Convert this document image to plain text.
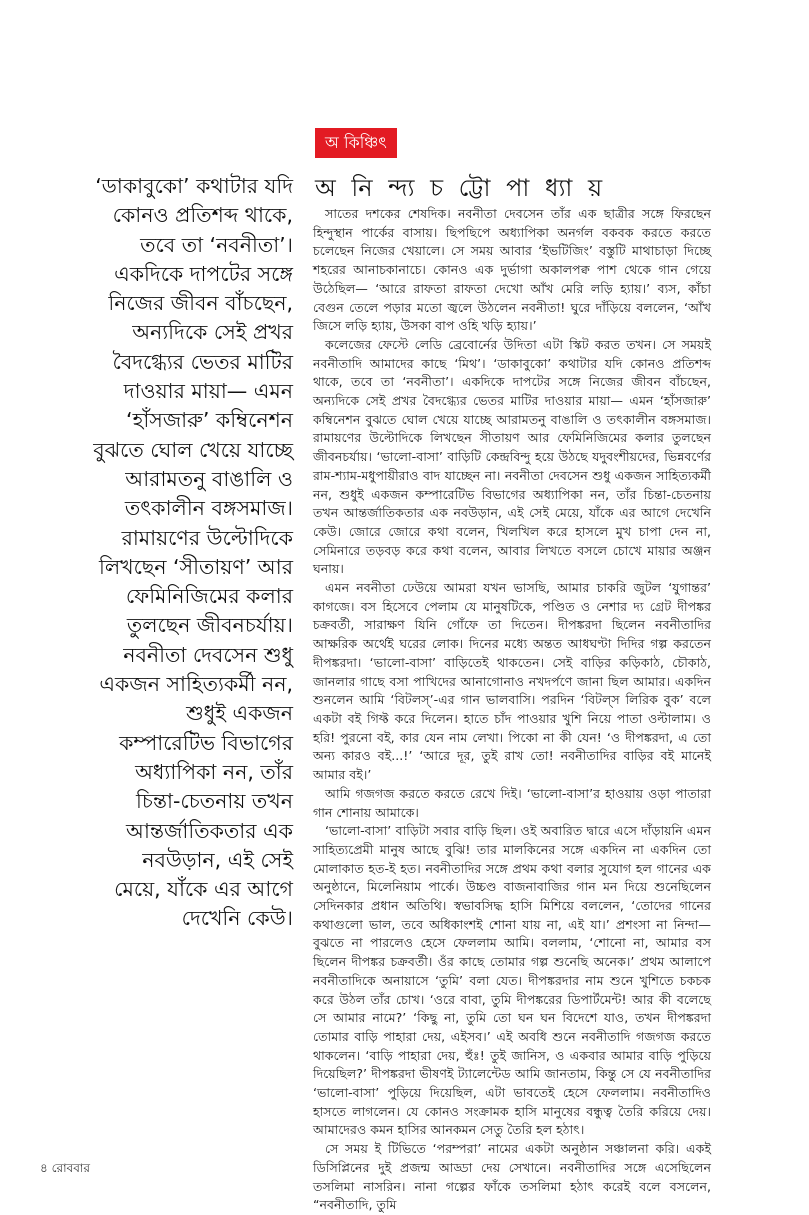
অ কিঞ্চিৎ
অ নি ন্দ্য চ ট্টো পা ধ্যা য়
‘ডাকাবুকো’ কথাটার যদি
কোনও প্রতিশব্দ থাকে,
তবে তা ‘নবনীতা’।
একদিকে দাপটের সঙ্গে
নিজের জীবন বাঁচছেন,
অন্যদিকে সেই প্রখর
বৈদগ্ধ্যের ভেতর মাটির
দাওয়ার মায়া— এমন
‘হাঁসজারু’ কম্বিনেশন
বুঝতে ঘোল খেয়ে যাচ্ছে
আরামতনু বাঙালি ও
তৎকালীন বঙ্গসমাজ।
রামায়ণের উল্টোদিকে
লিখছেন ‘সীতায়ণ’ আর
ফেমিনিজিমের কলার
তুলছেন জীবনচর্যায়।
নবনীতা দেবসেন শুধু
একজন সাহিত্যকর্মী নন,
শুধুই একজন
কম্পারেটিভ বিভাগের
অধ্যাপিকা নন, তাঁর
চিন্তা-চেতনায় তখন
আন্তর্জাতিকতার এক
নবউড়ান, এই সেই
মেয়ে, যাঁকে এর আগে
দেখেনি কেউ।

সাতের দশকের শেষদিক। নবনীতা দেবসেন তাঁর এক ছাত্রীর সঙ্গে ফিরছেন হিন্দুস্থান পার্কের বাসায়। ছিপছিপে অধ্যাপিকা অনর্গল বকবক করতে করতে চলেছেন নিজের খেয়ালে। সে সময় আবার ‘ইভটিজিং’ বস্তুটি মাথাচাড়া দিচ্ছে শহরের আনাচকানাচে। কোনও এক দুর্ভাগা অকালপক্ব পাশ থেকে গান গেয়ে উঠেছিল— ‘আরে রাফতা রাফতা দেখো আঁখ মেরি লড়ি হ্যায়।’ ব্যস, কাঁচা বেগুন তেলে পড়ার মতো জ্বলে উঠলেন নবনীতা! ঘুরে দাঁড়িয়ে বললেন, ‘আঁখ জিসে লড়ি হ্যায়, উসকা বাপ ওহি খড়ি হ্যায়।’

কলেজের ফেস্টে লেডি ব্রেবোর্নের উদিতা এটা স্কিট করত তখন। সে সময়ই নবনীতাদি আমাদের কাছে ‘মিথ’। ‘ডাকাবুকো’ কথাটার যদি কোনও প্রতিশব্দ থাকে, তবে তা ‘নবনীতা’। একদিকে দাপটের সঙ্গে নিজের জীবন বাঁচছেন, অন্যদিকে সেই প্রখর বৈদগ্ধ্যের ভেতর মাটির দাওয়ার মায়া— এমন ‘হাঁসজারু’ কম্বিনেশন বুঝতে ঘোল খেয়ে যাচ্ছে আরামতনু বাঙালি ও তৎকালীন বঙ্গসমাজ। রামায়ণের উল্টোদিকে লিখছেন সীতায়ণ আর ফেমিনিজিমের কলার তুলছেন জীবনচর্যায়। ‘ভালো-বাসা’ বাড়িটি কেন্দ্রবিন্দু হয়ে উঠছে যদুবংশীয়দের, ভিন্নবর্ণের রাম-শ্যাম-মধুপায়ীরাও বাদ যাচ্ছেন না। নবনীতা দেবসেন শুধু একজন সাহিত্যকর্মী নন, শুধুই একজন কম্পারেটিভ বিভাগের অধ্যাপিকা নন, তাঁর চিন্তা-চেতনায় তখন আন্তর্জাতিকতার এক নবউড়ান, এই সেই মেয়ে, যাঁকে এর আগে দেখেনি কেউ। জোরে জোরে কথা বলেন, খিলখিল করে হাসলে মুখ চাপা দেন না, সেমিনারে তড়বড় করে কথা বলেন, আবার লিখতে বসলে চোখে মায়ার অঞ্জন ঘনায়।

এমন নবনীতা ঢেউয়ে আমরা যখন ভাসছি, আমার চাকরি জুটল ‘যুগান্তর’ কাগজে। বস হিসেবে পেলাম যে মানুষটিকে, পণ্ডিত ও নেশার দ্য গ্রেট দীপঙ্কর চক্রবর্তী, সারাক্ষণ যিনি গোঁফে তা দিতেন। দীপঙ্করদা ছিলেন নবনীতাদির আক্ষরিক অর্থেই ঘরের লোক। দিনের মধ্যে অন্তত আধঘণ্টা দিদির গল্প করতেন দীপঙ্করদা। ‘ভালো-বাসা’ বাড়িতেই থাকতেন। সেই বাড়ির কড়িকাঠ, চৌকাঠ, জানলার গাছে বসা পাখিদের আনাগোনাও নখদর্পণে জানা ছিল আমার। একদিন শুনলেন আমি ‘বিটলস্’-এর গান ভালবাসি। পরদিন ‘বিটল্স লিরিক বুক’ বলে একটা বই গিফ্ট করে দিলেন। হাতে চাঁদ পাওয়ার খুশি নিয়ে পাতা ওল্টালাম। ও হরি! পুরনো বই, কার যেন নাম লেখা। পিকো না কী যেন! ‘ও দীপঙ্করদা, এ তো অন্য কারও বই...!’ ‘আরে দূর, তুই রাখ তো! নবনীতাদির বাড়ির বই মানেই আমার বই।’

আমি গজগজ করতে করতে রেখে দিই। ‘ভালো-বাসা’র হাওয়ায় ওড়া পাতারা গান শোনায় আমাকে।

‘ভালো-বাসা’ বাড়িটা সবার বাড়ি ছিল। ওই অবারিত দ্বারে এসে দাঁড়ায়নি এমন সাহিত্যপ্রেমী মানুষ আছে বুঝি! তার মালকিনের সঙ্গে একদিন না একদিন তো মোলাকাত হত-ই হত। নবনীতাদির সঙ্গে প্রথম কথা বলার সুযোগ হল গানের এক অনুষ্ঠানে, মিলেনিয়াম পার্কে। উচ্চণ্ড বাজনাবাজির গান মন দিয়ে শুনেছিলেন সেদিনকার প্রধান অতিথি। স্বভাবসিদ্ধ হাসি মিশিয়ে বললেন, ‘তোদের গানের কথাগুলো ভাল, তবে অধিকাংশই শোনা যায় না, এই যা।’ প্রশংসা না নিন্দা— বুঝতে না পারলেও হেসে ফেললাম আমি। বললাম, ‘শোনো না, আমার বস ছিলেন দীপঙ্কর চক্রবর্তী। ওঁর কাছে তোমার গল্প শুনেছি অনেক।’ প্রথম আলাপে নবনীতাদিকে অনায়াসে ‘তুমি’ বলা যেত। দীপঙ্করদার নাম শুনে খুশিতে চকচক করে উঠল তাঁর চোখ। ‘ওরে বাবা, তুমি দীপঙ্করের ডিপার্টমেন্ট! আর কী বলেছে সে আমার নামে?’ ‘কিছু না, তুমি তো ঘন ঘন বিদেশে যাও, তখন দীপঙ্করদা তোমার বাড়ি পাহারা দেয়, এইসব।’ এই অবধি শুনে নবনীতাদি গজগজ করতে থাকলেন। ‘বাড়ি পাহারা দেয়, হুঁঃ! তুই জানিস, ও একবার আমার বাড়ি পুড়িয়ে দিয়েছিল?’ দীপঙ্করদা ভীষণই ট্যালেন্টেড আমি জানতাম, কিন্তু সে যে নবনীতাদির ‘ভালো-বাসা’ পুড়িয়ে দিয়েছিল, এটা ভাবতেই হেসে ফেললাম। নবনীতাদিও হাসতে লাগলেন। যে কোনও সংক্রামক হাসি মানুষের বন্ধুত্ব তৈরি করিয়ে দেয়। আমাদেরও কমন হাসির আনকমন সেতু তৈরি হল হঠাৎ।

সে সময় ই টিভিতে ‘পরম্পরা’ নামের একটা অনুষ্ঠান সঞ্চালনা করি। একই ডিসিপ্লিনের দুই প্রজন্ম আড্ডা দেয় সেখানে। নবনীতাদির সঙ্গে এসেছিলেন তসলিমা নাসরিন। নানা গল্পের ফাঁকে তসলিমা হঠাৎ করেই বলে বসলেন, “নবনীতাদি, তুমি

৪ রোববার
